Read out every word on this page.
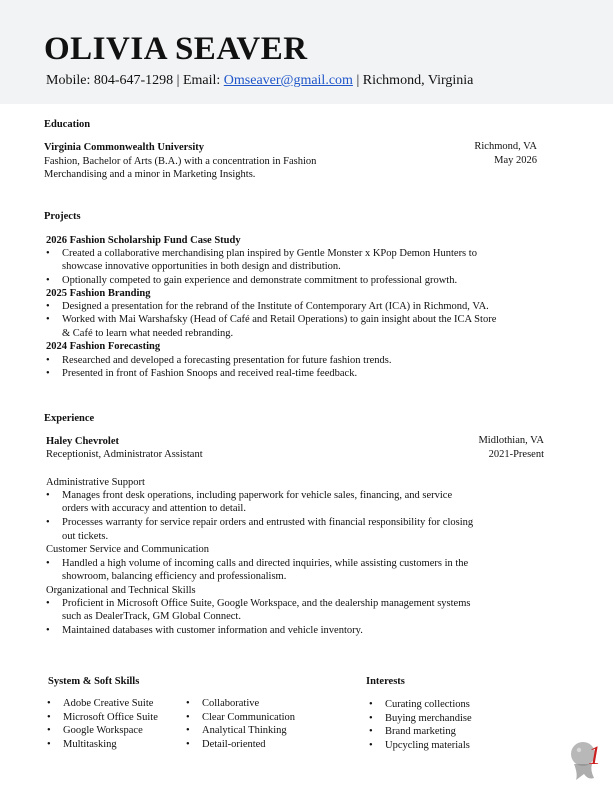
OLIVIA SEAVER
Mobile: 804-647-1298 | Email: Omseaver@gmail.com | Richmond, Virginia
Education
Virginia Commonwealth University	Richmond, VA
Fashion, Bachelor of Arts (B.A.) with a concentration in Fashion	May 2026
Merchandising and a minor in Marketing Insights.
Projects
2026 Fashion Scholarship Fund Case Study
• Created a collaborative merchandising plan inspired by Gentle Monster x KPop Demon Hunters to
showcase innovative opportunities in both design and distribution.
• Optionally competed to gain experience and demonstrate commitment to professional growth.
2025 Fashion Branding
• Designed a presentation for the rebrand of the Institute of Contemporary Art (ICA) in Richmond, VA.
• Worked with Mai Warshafsky (Head of Café and Retail Operations) to gain insight about the ICA Store
& Café to learn what needed rebranding.
2024 Fashion Forecasting
• Researched and developed a forecasting presentation for future fashion trends.
• Presented in front of Fashion Snoops and received real-time feedback.
Experience
Haley Chevrolet	Midlothian, VA
Receptionist, Administrator Assistant	2021-Present
Administrative Support
• Manages front desk operations, including paperwork for vehicle sales, financing, and service
orders with accuracy and attention to detail.
• Processes warranty for service repair orders and entrusted with financial responsibility for closing
out tickets.
Customer Service and Communication
• Handled a high volume of incoming calls and directed inquiries, while assisting customers in the
showroom, balancing efficiency and professionalism.
Organizational and Technical Skills
• Proficient in Microsoft Office Suite, Google Workspace, and the dealership management systems
such as DealerTrack, GM Global Connect.
• Maintained databases with customer information and vehicle inventory.
System & Soft Skills
• Adobe Creative Suite
• Microsoft Office Suite
• Google Workspace
• Multitasking
• Collaborative
• Clear Communication
• Analytical Thinking
• Detail-oriented
Interests
• Curating collections
• Buying merchandise
• Brand marketing
• Upcycling materials	1
